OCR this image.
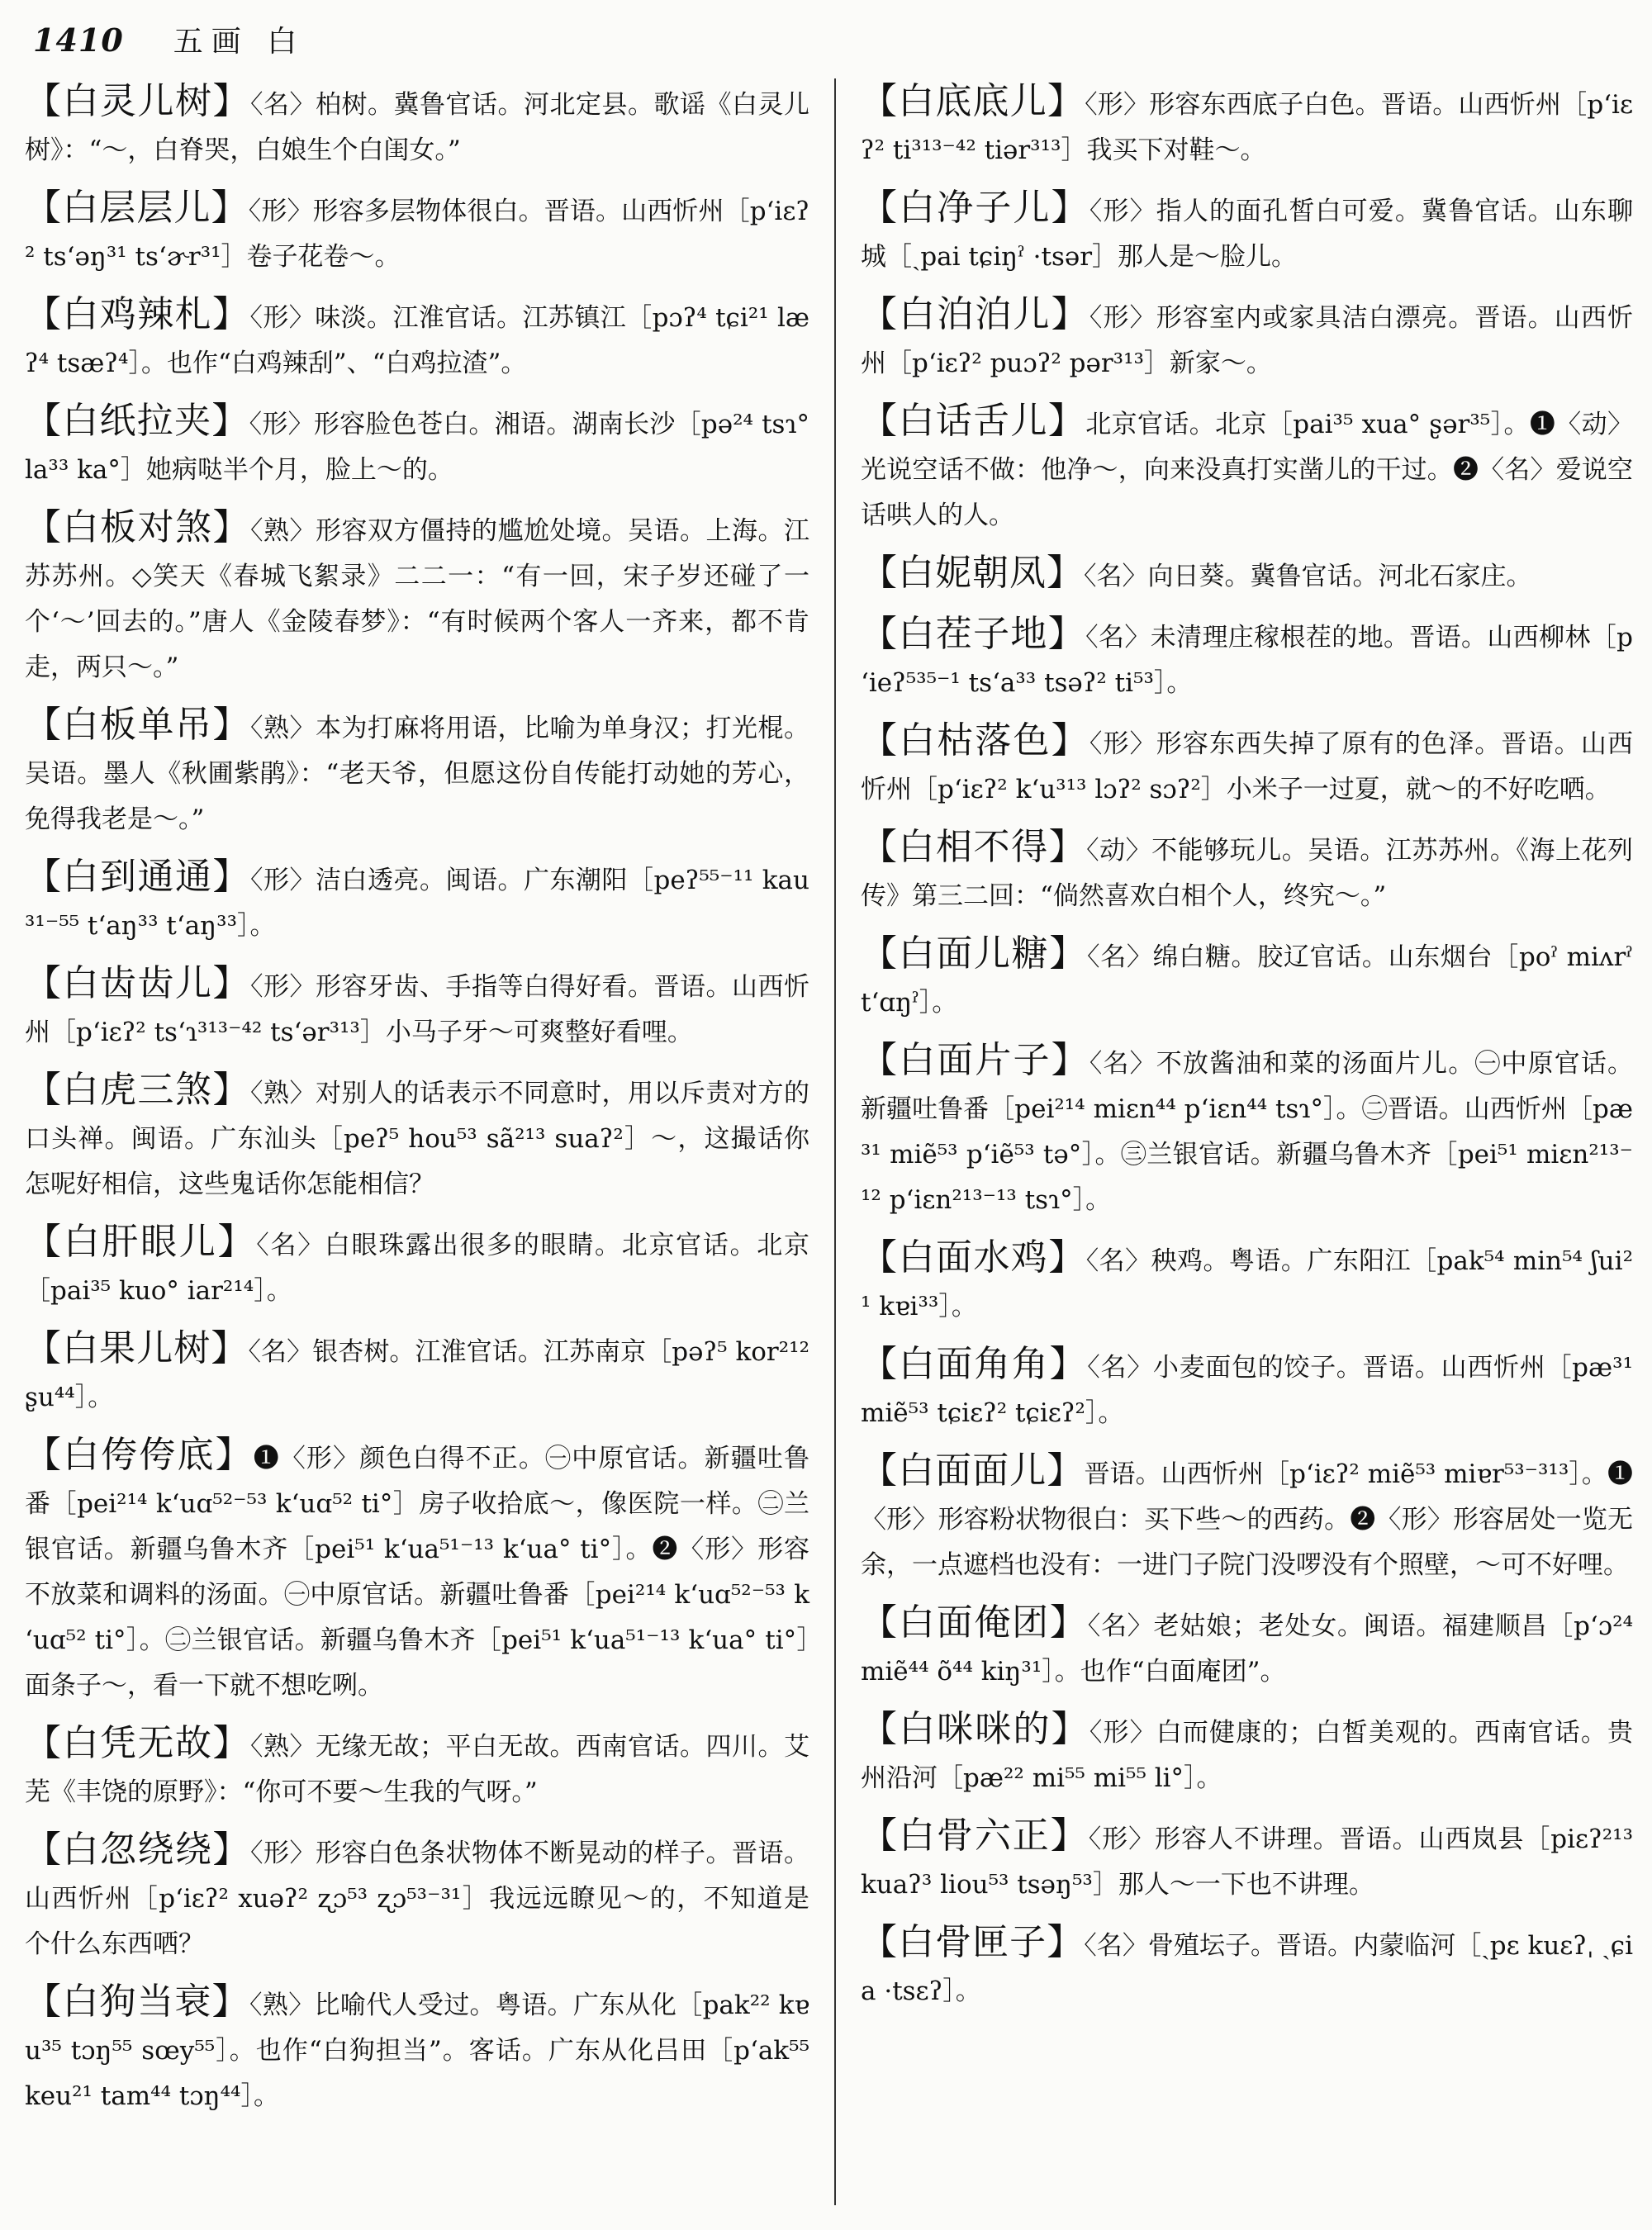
1410 五画 白

【白灵儿树】〈名〉柏树。冀鲁官话。河北定县。歌谣《白灵儿树》：“～，白脊哭，白娘生个白闺女。”

【白层层儿】〈形〉形容多层物体很白。晋语。山西忻州［pʻiɛʔ² tsʻəŋ³¹ tsʻɚr³¹］卷子花卷～。

【白鸡辣札】〈形〉味淡。江淮官话。江苏镇江［pɔʔ⁴ tɕi²¹ læʔ⁴ tsæʔ⁴］。也作“白鸡辣刮”、“白鸡拉渣”。

【白纸拉夹】〈形〉形容脸色苍白。湘语。湖南长沙［pə²⁴ tsɿ° la³³ ka°］她病哒半个月，脸上～的。

【白板对煞】〈熟〉形容双方僵持的尴尬处境。吴语。上海。江苏苏州。◇笑天《春城飞絮录》二二一：“有一回，宋子岁还碰了一个‘～’回去的。”唐人《金陵春梦》：“有时候两个客人一齐来，都不肯走，两只～。”

【白板单吊】〈熟〉本为打麻将用语，比喻为单身汉；打光棍。吴语。墨人《秋圃紫鹃》：“老天爷，但愿这份自传能打动她的芳心，免得我老是～。”

【白到通通】〈形〉洁白透亮。闽语。广东潮阳［peʔ⁵⁵⁻¹¹ kau³¹⁻⁵⁵ tʻaŋ³³ tʻaŋ³³］。

【白齿齿儿】〈形〉形容牙齿、手指等白得好看。晋语。山西忻州［pʻiɛʔ² tsʻɿ³¹³⁻⁴² tsʻər³¹³］小马子牙～可爽整好看哩。

【白虎三煞】〈熟〉对别人的话表示不同意时，用以斥责对方的口头禅。闽语。广东汕头［peʔ⁵ hou⁵³ sã²¹³ suaʔ²］～，这撮话你怎呢好相信，这些鬼话你怎能相信？

【白肝眼儿】〈名〉白眼珠露出很多的眼睛。北京官话。北京［pai³⁵ kuo° iar²¹⁴］。

【白果儿树】〈名〉银杏树。江淮官话。江苏南京［pəʔ⁵ kor²¹² ʂu⁴⁴］。

【白侉侉底】❶〈形〉颜色白得不正。㊀中原官话。新疆吐鲁番［pei²¹⁴ kʻuɑ⁵²⁻⁵³ kʻuɑ⁵² ti°］房子收拾底～，像医院一样。㊁兰银官话。新疆乌鲁木齐［pei⁵¹ kʻua⁵¹⁻¹³ kʻua° ti°］。❷〈形〉形容不放菜和调料的汤面。㊀中原官话。新疆吐鲁番［pei²¹⁴ kʻuɑ⁵²⁻⁵³ kʻuɑ⁵² ti°］。㊁兰银官话。新疆乌鲁木齐［pei⁵¹ kʻua⁵¹⁻¹³ kʻua° ti°］面条子～，看一下就不想吃咧。

【白凭无故】〈熟〉无缘无故；平白无故。西南官话。四川。艾芜《丰饶的原野》：“你可不要～生我的气呀。”

【白忽绕绕】〈形〉形容白色条状物体不断晃动的样子。晋语。山西忻州［pʻiɛʔ² xuəʔ² ʐɔ⁵³ ʐɔ⁵³⁻³¹］我远远瞭见～的，不知道是个什么东西哂？

【白狗当衰】〈熟〉比喻代人受过。粤语。广东从化［pak²² kɐu³⁵ tɔŋ⁵⁵ sœy⁵⁵］。也作“白狗担当”。客话。广东从化吕田［pʻak⁵⁵ keu²¹ tam⁴⁴ tɔŋ⁴⁴］。

【白底底儿】〈形〉形容东西底子白色。晋语。山西忻州［pʻiɛʔ² ti³¹³⁻⁴² tiər³¹³］我买下对鞋～。

【白净子儿】〈形〉指人的面孔皙白可爱。冀鲁官话。山东聊城［ˏpai tɕiŋˀ ·tsər］那人是～脸儿。

【白泊泊儿】〈形〉形容室内或家具洁白漂亮。晋语。山西忻州［pʻiɛʔ² puɔʔ² pər³¹³］新家～。

【白话舌儿】北京官话。北京［pai³⁵ xua° ʂər³⁵］。❶〈动〉光说空话不做：他净～，向来没真打实凿儿的干过。❷〈名〉爱说空话哄人的人。

【白妮朝凤】〈名〉向日葵。冀鲁官话。河北石家庄。

【白茬子地】〈名〉未清理庄稼根茬的地。晋语。山西柳林［pʻieʔ⁵³⁵⁻¹ tsʻa³³ tsəʔ² ti⁵³］。

【白枯落色】〈形〉形容东西失掉了原有的色泽。晋语。山西忻州［pʻiɛʔ² kʻu³¹³ lɔʔ² sɔʔ²］小米子一过夏，就～的不好吃哂。

【白相不得】〈动〉不能够玩儿。吴语。江苏苏州。《海上花列传》第三二回：“倘然喜欢白相个人，终究～。”

【白面儿糖】〈名〉绵白糖。胶辽官话。山东烟台［poˀ miʌrˀ tʻɑŋˀ］。

【白面片子】〈名〉不放酱油和菜的汤面片儿。㊀中原官话。新疆吐鲁番［pei²¹⁴ miɛn⁴⁴ pʻiɛn⁴⁴ tsɿ°］。㊁晋语。山西忻州［pæ³¹ miẽ⁵³ pʻiẽ⁵³ tə°］。㊂兰银官话。新疆乌鲁木齐［pei⁵¹ miɛn²¹³⁻¹² pʻiɛn²¹³⁻¹³ tsɿ°］。

【白面水鸡】〈名〉秧鸡。粤语。广东阳江［pak⁵⁴ min⁵⁴ ʃui²¹ kɐi³³］。

【白面角角】〈名〉小麦面包的饺子。晋语。山西忻州［pæ³¹ miẽ⁵³ tɕiɛʔ² tɕiɛʔ²］。

【白面面儿】晋语。山西忻州［pʻiɛʔ² miẽ⁵³ miɐr⁵³⁻³¹³］。❶〈形〉形容粉状物很白：买下些～的西药。❷〈形〉形容居处一览无余，一点遮档也没有：一进门子院门没啰没有个照壁，～可不好哩。

【白面俺团】〈名〉老姑娘；老处女。闽语。福建顺昌［pʻɔ²⁴ miẽ⁴⁴ õ⁴⁴ kiŋ³¹］。也作“白面庵团”。

【白咪咪的】〈形〉白而健康的；白皙美观的。西南官话。贵州沿河［pæ²² mi⁵⁵ mi⁵⁵ li°］。

【白骨六正】〈形〉形容人不讲理。晋语。山西岚县［piɛʔ²¹³ kuaʔ³ liou⁵³ tsəŋ⁵³］那人～一下也不讲理。

【白骨匣子】〈名〉骨殖坛子。晋语。内蒙临河［ˏpɛ kuɛʔˌ ˏɕia ·tsɛʔ］。
